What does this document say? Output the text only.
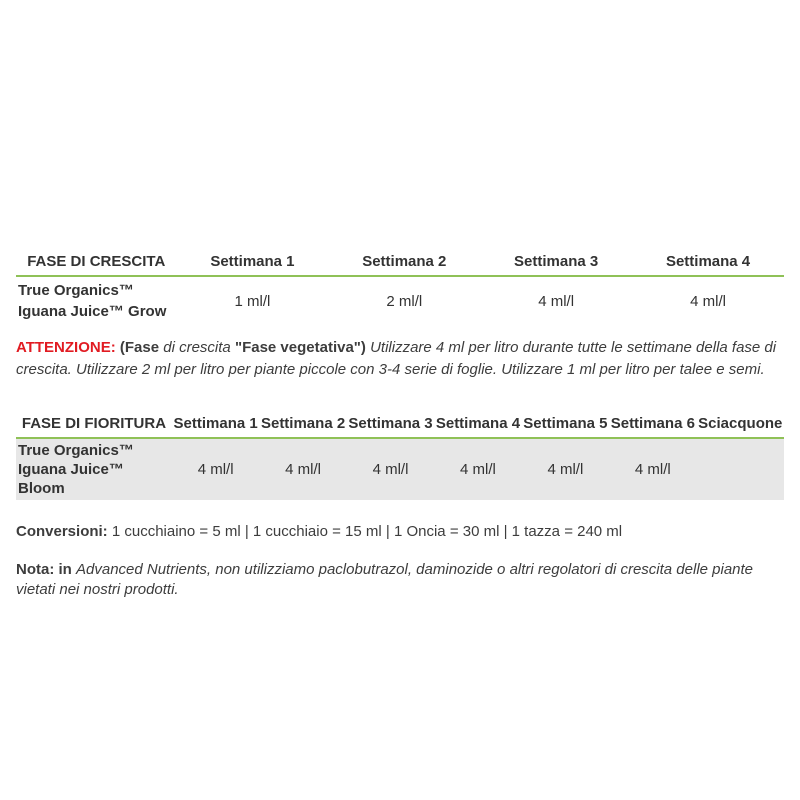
FASE DI CRESCITA	Settimana 1	Settimana 2	Settimana 3	Settimana 4
True Organics™ Iguana Juice™ Grow	1 ml/l	2 ml/l	4 ml/l	4 ml/l

ATTENZIONE: (Fase di crescita "Fase vegetativa") Utilizzare 4 ml per litro durante tutte le settimane della fase di crescita. Utilizzare 2 ml per litro per piante piccole con 3-4 serie di foglie. Utilizzare 1 ml per litro per talee e semi.

FASE DI FIORITURA	Settimana 1	Settimana 2	Settimana 3	Settimana 4	Settimana 5	Settimana 6	Sciacquone
True Organics™ Iguana Juice™ Bloom	4 ml/l	4 ml/l	4 ml/l	4 ml/l	4 ml/l	4 ml/l	

Conversioni: 1 cucchiaino = 5 ml | 1 cucchiaio = 15 ml | 1 Oncia = 30 ml | 1 tazza = 240 ml

Nota: in Advanced Nutrients, non utilizziamo paclobutrazol, daminozide o altri regolatori di crescita delle piante vietati nei nostri prodotti.
